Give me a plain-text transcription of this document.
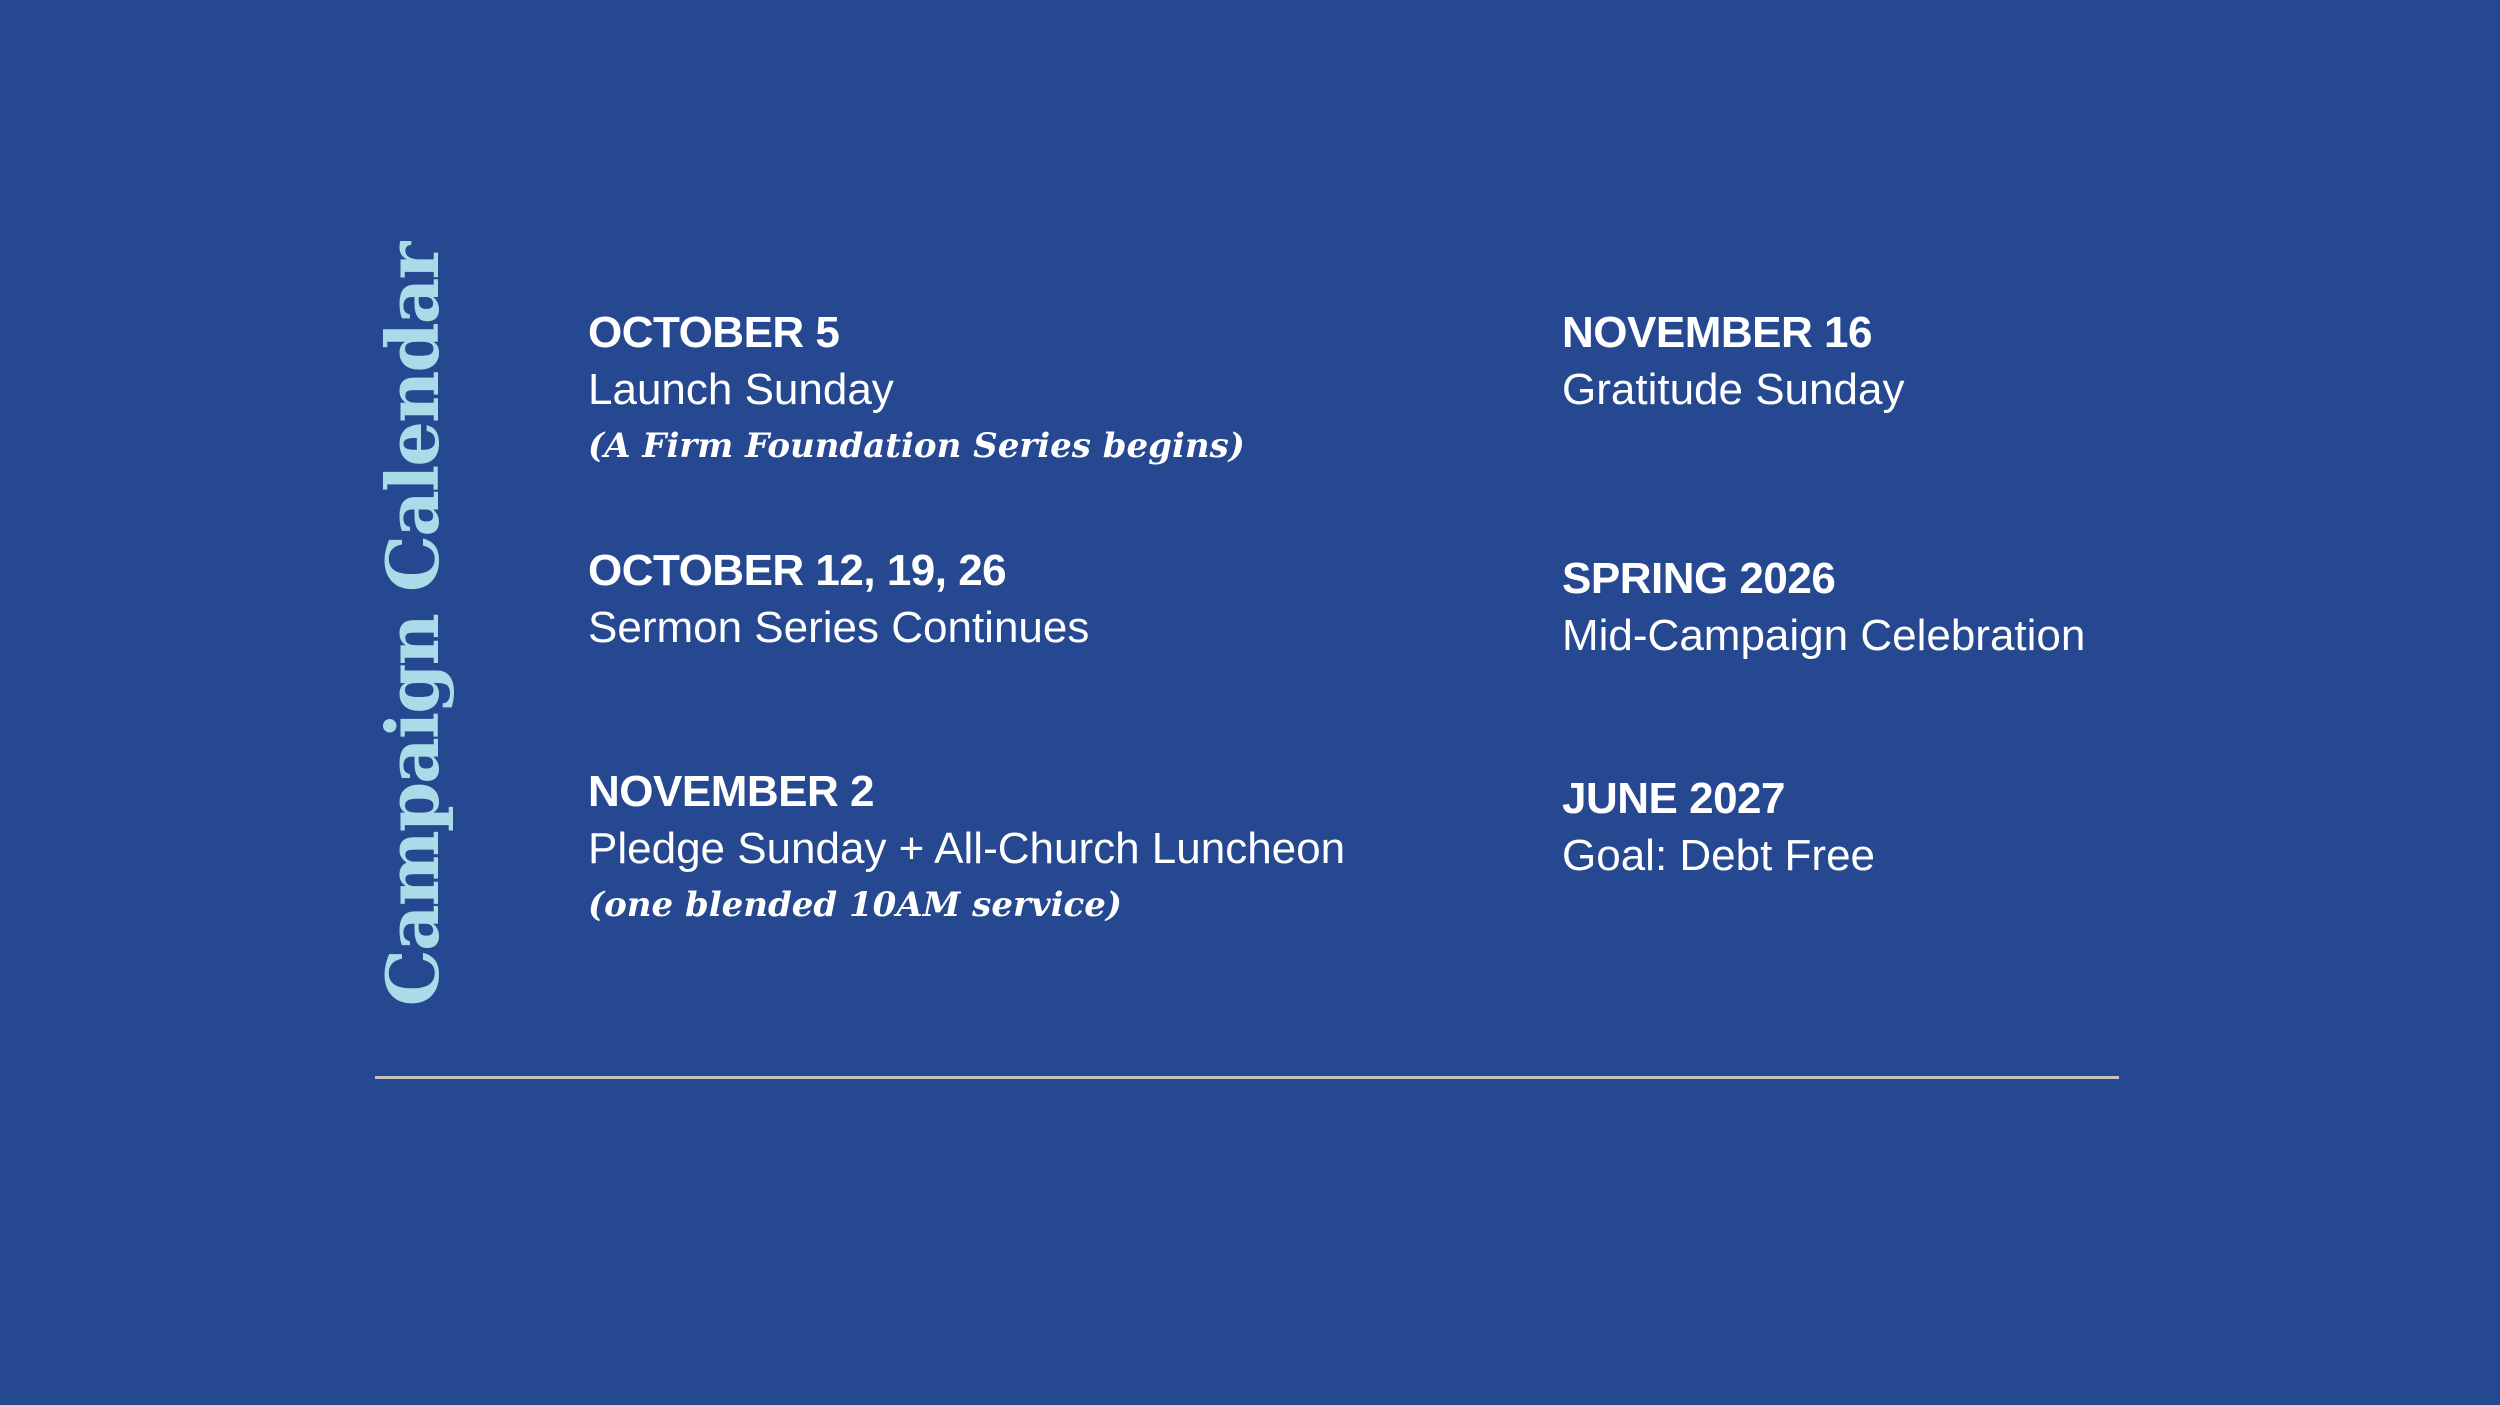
Campaign Calendar	OCTOBER 5
Launch Sunday
(A Firm Foundation Series begins)
OCTOBER 12, 19, 26
Sermon Series Continues
NOVEMBER 2
Pledge Sunday + All-Church Luncheon
(one blended 10AM service)
NOVEMBER 16
Gratitude Sunday
SPRING 2026
Mid-Campaign Celebration
JUNE 2027
Goal: Debt Free
